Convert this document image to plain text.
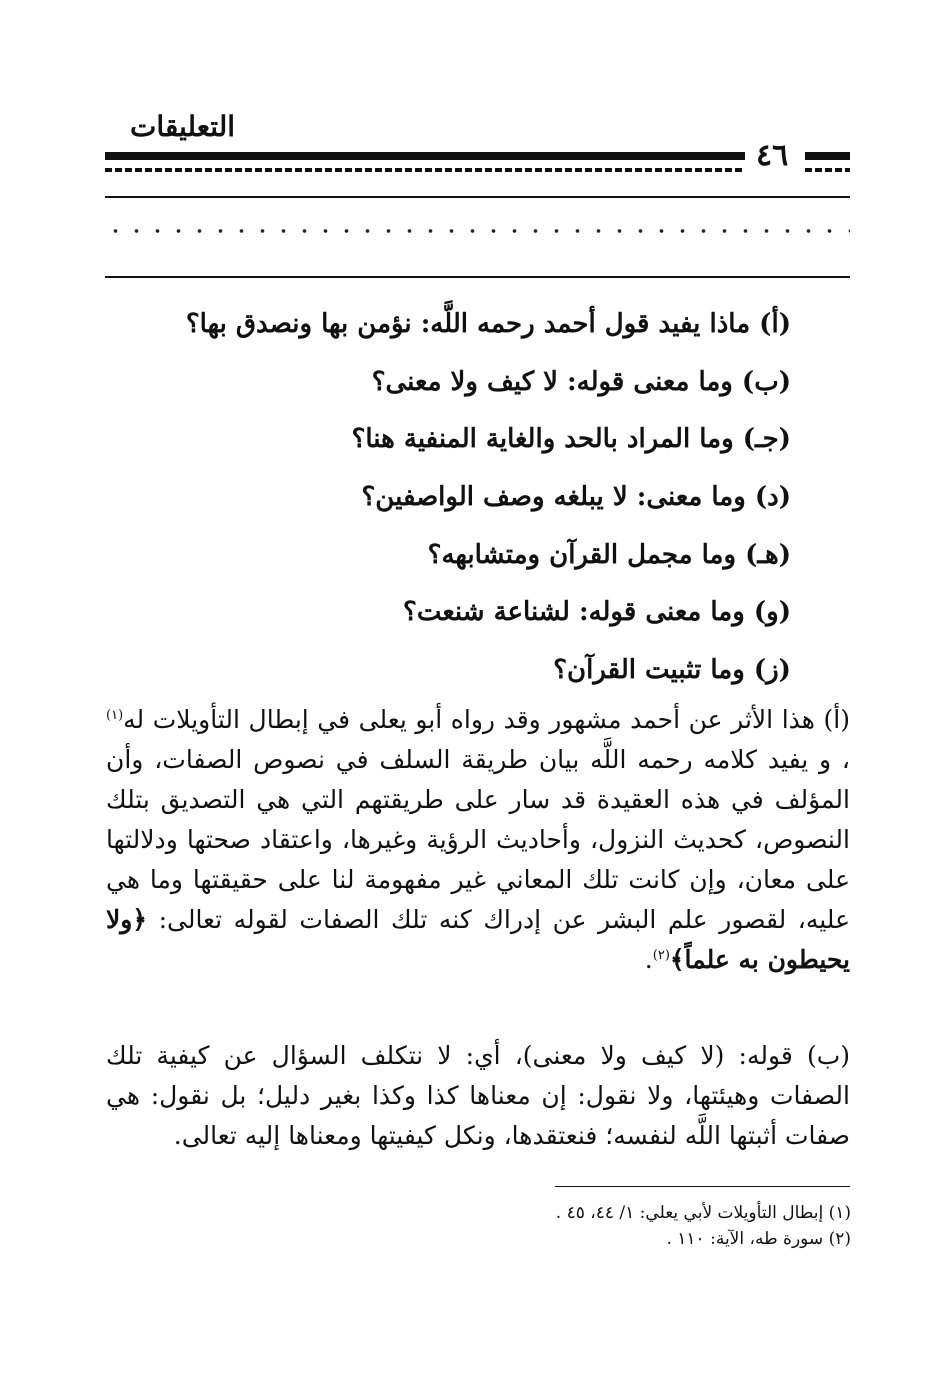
التعليقات
٤٦
(أ) ماذا يفيد قول أحمد رحمه اللَّه: نؤمن بها ونصدق بها؟
(ب) وما معنى قوله: لا كيف ولا معنى؟
(جـ) وما المراد بالحد والغاية المنفية هنا؟
(د) وما معنى: لا يبلغه وصف الواصفين؟
(هـ) وما مجمل القرآن ومتشابهه؟
(و) وما معنى قوله: لشناعة شنعت؟
(ز) وما تثبيت القرآن؟

(أ) هذا الأثر عن أحمد مشهور وقد رواه أبو يعلى في إبطال التأويلات له$^{(١)}$ ، و يفيد كلامه رحمه اللَّه بيان طريقة السلف في نصوص الصفات، وأن المؤلف في هذه العقيدة قد سار على طريقتهم التي هي التصديق بتلك النصوص، كحديث النزول، وأحاديث الرؤية وغيرها، واعتقاد صحتها ودلالتها على معان، وإن كانت تلك المعاني غير مفهومة لنا على حقيقتها وما هي عليه، لقصور علم البشر عن إدراك كنه تلك الصفات لقوله تعالى: ﴿ولا يحيطون به علماً﴾$^{(٢)}$.

(ب) قوله: (لا كيف ولا معنى)، أي: لا نتكلف السؤال عن كيفية تلك الصفات وهيئتها، ولا نقول: إن معناها كذا وكذا بغير دليل؛ بل نقول: هي صفات أثبتها اللَّه لنفسه؛ فنعتقدها، ونكل كيفيتها ومعناها إليه تعالى.

(١) إبطال التأويلات لأبي يعلي: ١/ ٤٤، ٤٥ .
(٢) سورة طه، الآية: ١١٠ .
